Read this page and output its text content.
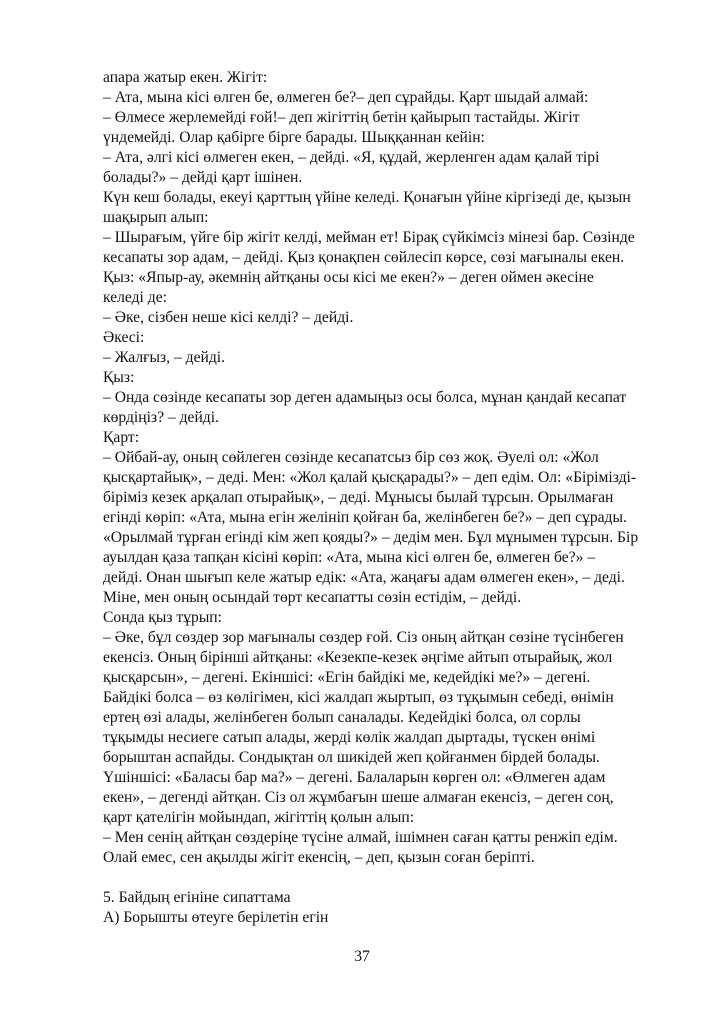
апара жатыр екен. Жігіт:
– Ата, мына кісі өлген бе, өлмеген бе?– деп сұрайды. Қарт шыдай алмай:
– Өлмесе жерлемейді ғой!– деп жігіттің бетін қайырып тастайды. Жігіт
үндемейді. Олар қабірге бірге барады. Шыққаннан кейін:
– Ата, әлгі кісі өлмеген екен, – дейді. «Я, құдай, жерленген адам қалай тірі
болады?» – дейді қарт ішінен.
Күн кеш болады, екеуі қарттың үйіне келеді. Қонағын үйіне кіргізеді де, қызын
шақырып алып:
– Шырағым, үйге бір жігіт келді, мейман ет! Бірақ сүйкімсіз мінезі бар. Сөзінде
кесапаты зор адам, – дейді. Қыз қонақпен сөйлесіп көрсе, сөзі мағыналы екен.
Қыз: «Япыр-ау, әкемнің айтқаны осы кісі ме екен?» – деген оймен әкесіне
келеді де:
– Әке, сізбен неше кісі келді? – дейді.
Әкесі:
– Жалғыз, – дейді.
Қыз:
– Онда сөзінде кесапаты зор деген адамыңыз осы болса, мұнан қандай кесапат
көрдіңіз? – дейді.
Қарт:
– Ойбай-ау, оның сөйлеген сөзінде кесапатсыз бір сөз жоқ. Әуелі ол: «Жол
қысқартайық», – деді. Мен: «Жол қалай қысқарады?» – деп едім. Ол: «Бірімізді-
біріміз кезек арқалап отырайық», – деді. Мұнысы былай тұрсын. Орылмаған
егінді көріп: «Ата, мына егін желініп қойған ба, желінбеген бе?» – деп сұрады.
«Орылмай тұрған егінді кім жеп қояды?» – дедім мен. Бұл мұнымен тұрсын. Бір
ауылдан қаза тапқан кісіні көріп: «Ата, мына кісі өлген бе, өлмеген бе?» –
дейді. Онан шығып келе жатыр едік: «Ата, жаңағы адам өлмеген екен», – деді.
Міне, мен оның осындай төрт кесапатты сөзін естідім, – дейді.
Сонда қыз тұрып:
– Әке, бұл сөздер зор мағыналы сөздер ғой. Сіз оның айтқан сөзіне түсінбеген
екенсіз. Оның бірінші айтқаны: «Кезекпе-кезек әңгіме айтып отырайық, жол
қысқарсын», – дегені. Екіншісі: «Егін байдікі ме, кедейдікі ме?» – дегені.
Байдікі болса – өз көлігімен, кісі жалдап жыртып, өз тұқымын себеді, өнімін
ертең өзі алады, желінбеген болып саналады. Кедейдікі болса, ол сорлы
тұқымды несиеге сатып алады, жерді көлік жалдап дыртады, түскен өнімі
борыштан аспайды. Сондықтан ол шикідей жеп қойғанмен бірдей болады.
Үшіншісі: «Баласы бар ма?» – дегені. Балаларын көрген ол: «Өлмеген адам
екен», – дегенді айтқан. Сіз ол жұмбағын шеше алмаған екенсіз, – деген соң,
қарт қателігін мойындап, жігіттің қолын алып:
– Мен сенің айтқан сөздеріңе түсіне алмай, ішімнен саған қатты ренжіп едім.
Олай емес, сен ақылды жігіт екенсің, – деп, қызын соған беріпті.
5. Байдың егініне сипаттама
А) Борышты өтеуге берілетін егін
37
